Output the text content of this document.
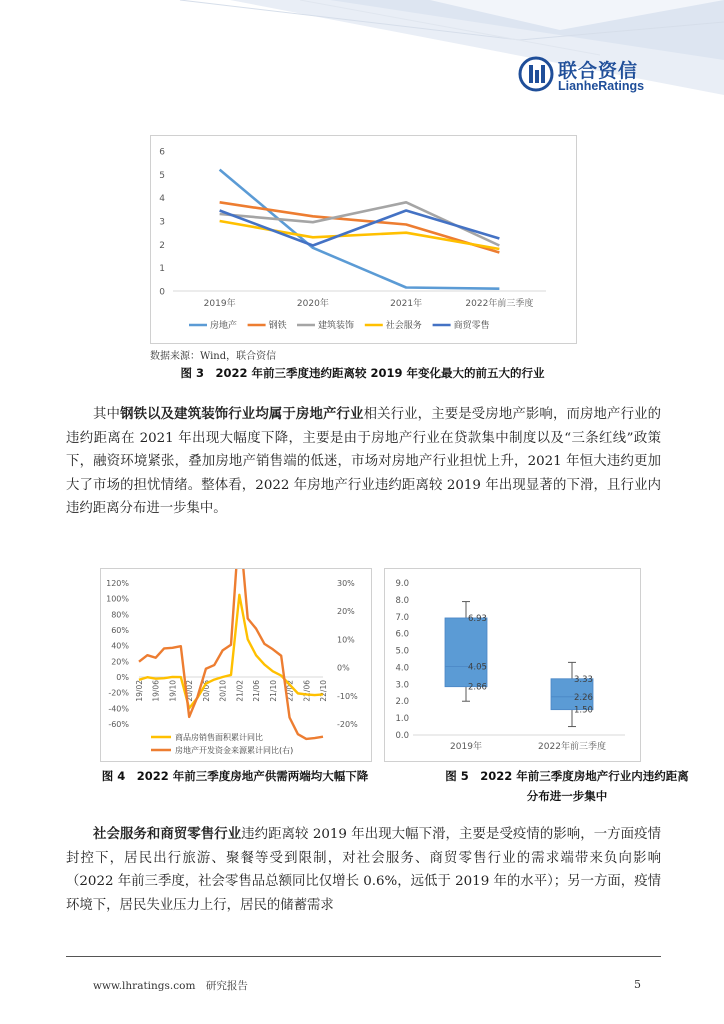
联合资信
LianheRatings
0
1
2
3
4
5
6
2019年	2020年	2021年	2022年前三季度
房地产	钢铁	建筑装饰	社会服务	商贸零售
数据来源：Wind，联合资信
图 3　2022 年前三季度违约距离较 2019 年变化最大的前五大的行业
其中钢铁以及建筑装饰行业均属于房地产行业相关行业，主要是受房地产影响，而房地产行业的违约距离在 2021 年出现大幅度下降，主要是由于房地产行业在贷款集中制度以及“三条红线”政策下，融资环境紧张，叠加房地产销售端的低迷，市场对房地产行业担忧上升，2021 年恒大违约更加大了市场的担忧情绪。整体看，2022 年房地产行业违约距离较 2019 年出现显著的下滑，且行业内违约距离分布进一步集中。
-60%
-40%
-20%
0%
20%
40%
60%
80%
100%
120%
-20%
-10%
0%
10%
20%
30%
19/02 19/06 19/10 20/02 20/06 20/10 21/02 21/06 21/10 22/02 22/06 22/10
商品房销售面积累计同比
房地产开发资金来源累计同比(右)
图 4　2022 年前三季度房地产供需两端均大幅下降
0.0
1.0
2.0
3.0
4.0
5.0
6.0
7.0
8.0
9.0
6.93
4.05
2.86
2019年
3.33
2.26
1.50
2022年前三季度
图 5　2022 年前三季度房地产行业内违约距离分布进一步集中
社会服务和商贸零售行业违约距离较 2019 年出现大幅下滑，主要是受疫情的影响，一方面疫情封控下，居民出行旅游、聚餐等受到限制，对社会服务、商贸零售行业的需求端带来负向影响（2022 年前三季度，社会零售品总额同比仅增长 0.6%，远低于 2019 年的水平）；另一方面，疫情环境下，居民失业压力上行，居民的储蓄需求
www.lhratings.com　研究报告	5
